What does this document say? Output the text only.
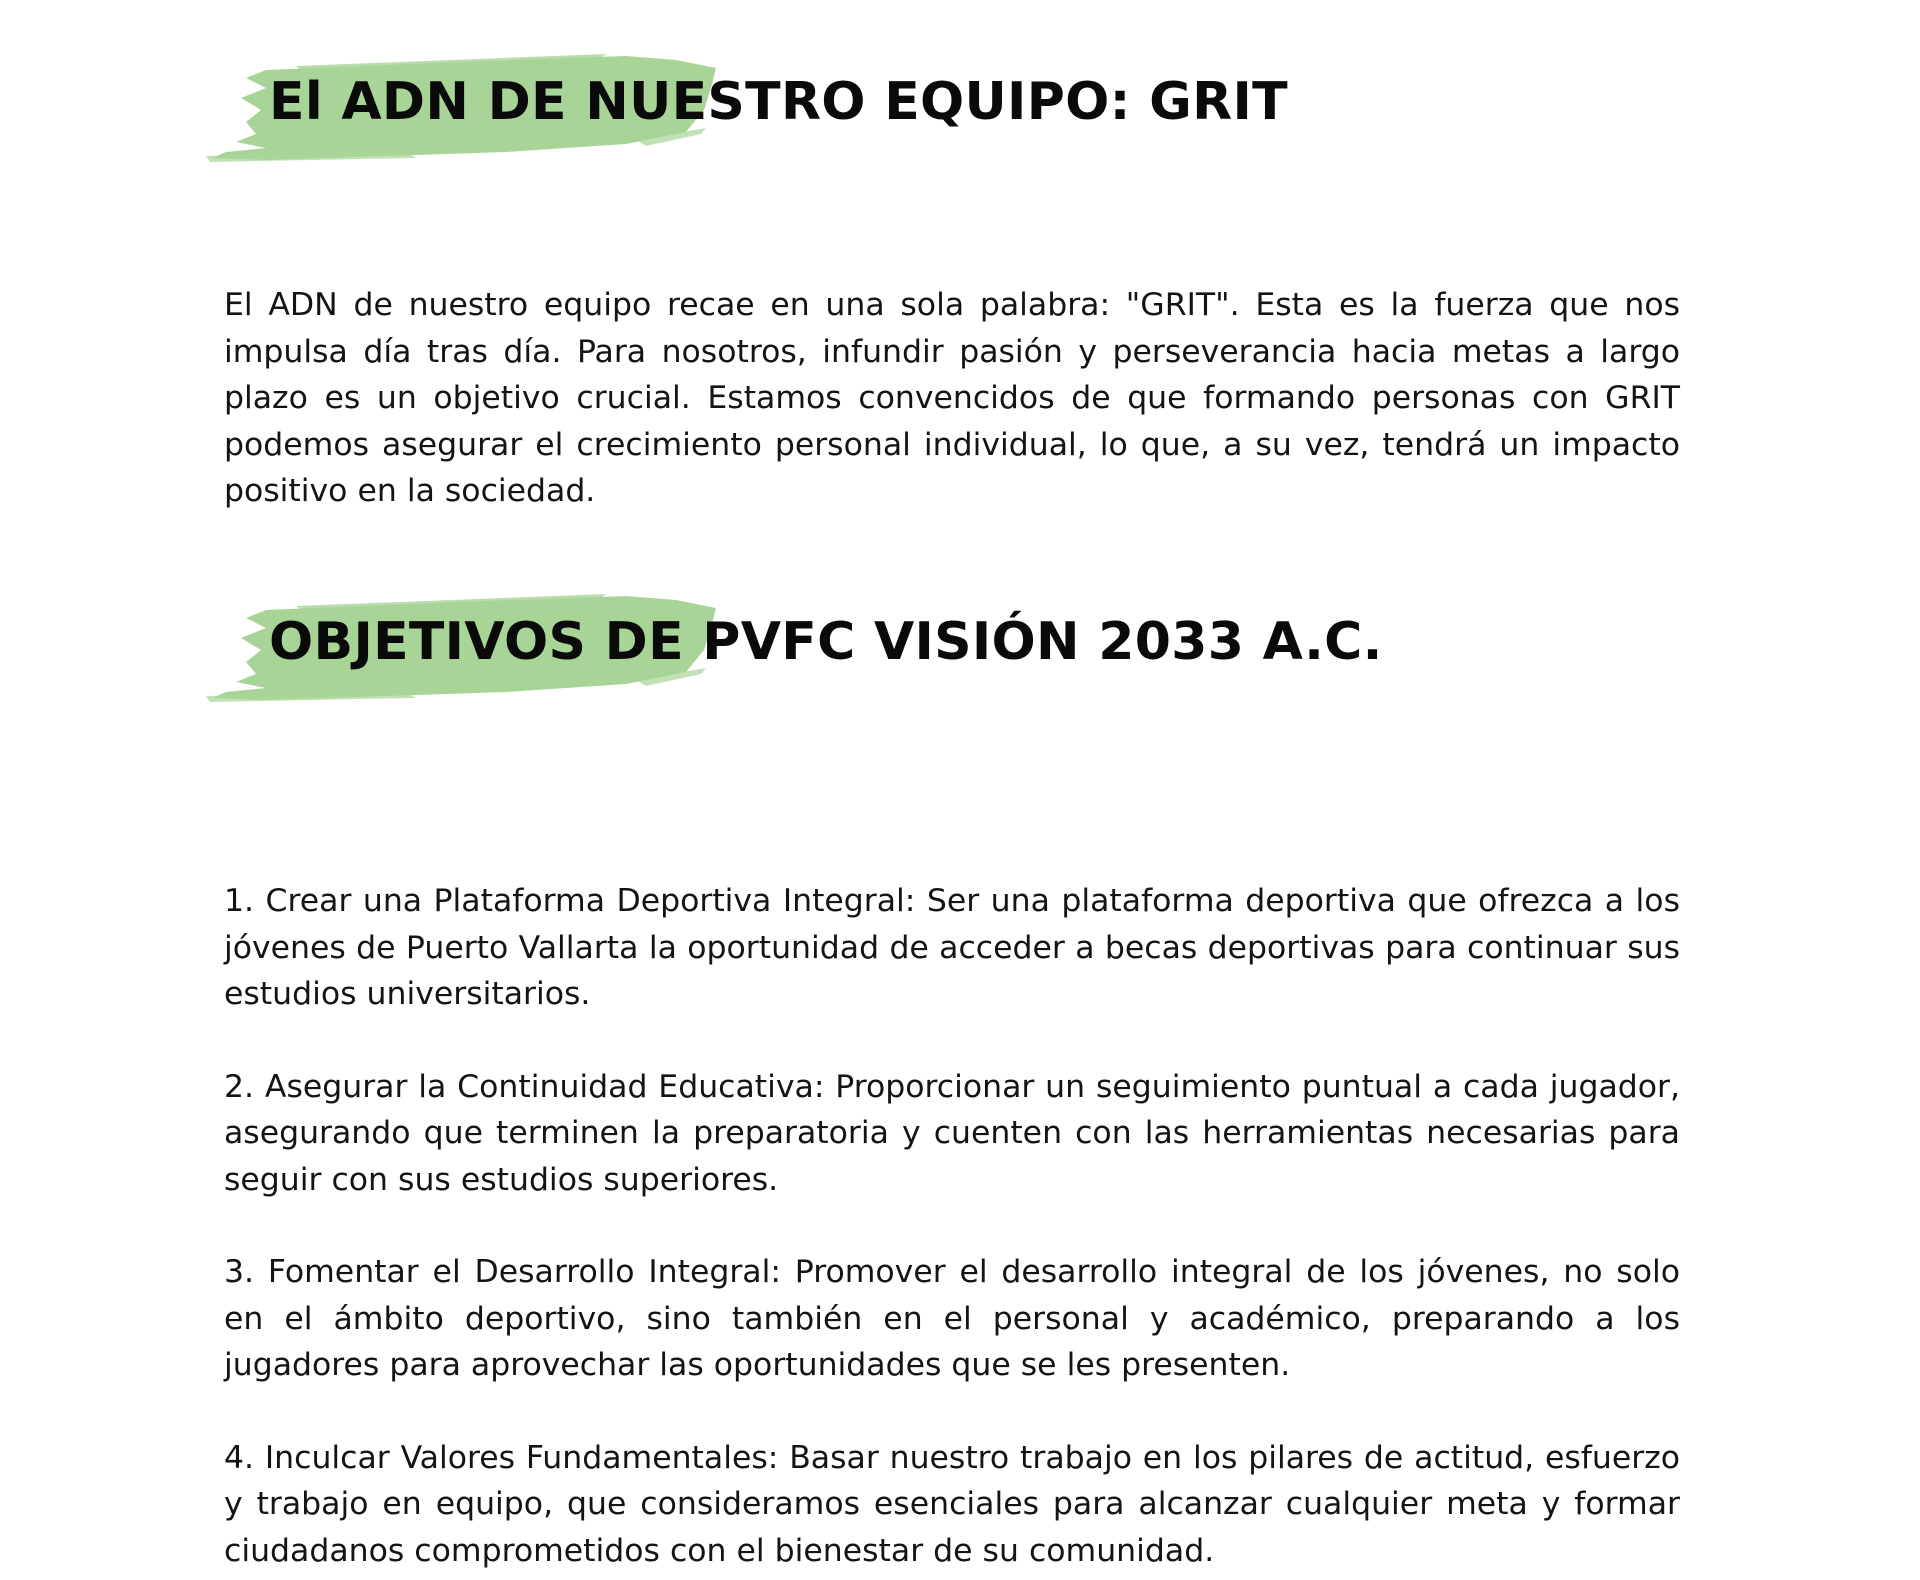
El ADN DE NUESTRO EQUIPO: GRIT

El ADN de nuestro equipo recae en una sola palabra: "GRIT". Esta es la fuerza que nos impulsa día tras día. Para nosotros, infundir pasión y perseverancia hacia metas a largo plazo es un objetivo crucial. Estamos convencidos de que formando personas con GRIT podemos asegurar el crecimiento personal individual, lo que, a su vez, tendrá un impacto positivo en la sociedad.

OBJETIVOS DE PVFC VISIÓN 2033 A.C.

1. Crear una Plataforma Deportiva Integral: Ser una plataforma deportiva que ofrezca a los jóvenes de Puerto Vallarta la oportunidad de acceder a becas deportivas para continuar sus estudios universitarios.

2. Asegurar la Continuidad Educativa: Proporcionar un seguimiento puntual a cada jugador, asegurando que terminen la preparatoria y cuenten con las herramientas necesarias para seguir con sus estudios superiores.

3. Fomentar el Desarrollo Integral: Promover el desarrollo integral de los jóvenes, no solo en el ámbito deportivo, sino también en el personal y académico, preparando a los jugadores para aprovechar las oportunidades que se les presenten.

4. Inculcar Valores Fundamentales: Basar nuestro trabajo en los pilares de actitud, esfuerzo y trabajo en equipo, que consideramos esenciales para alcanzar cualquier meta y formar ciudadanos comprometidos con el bienestar de su comunidad.
